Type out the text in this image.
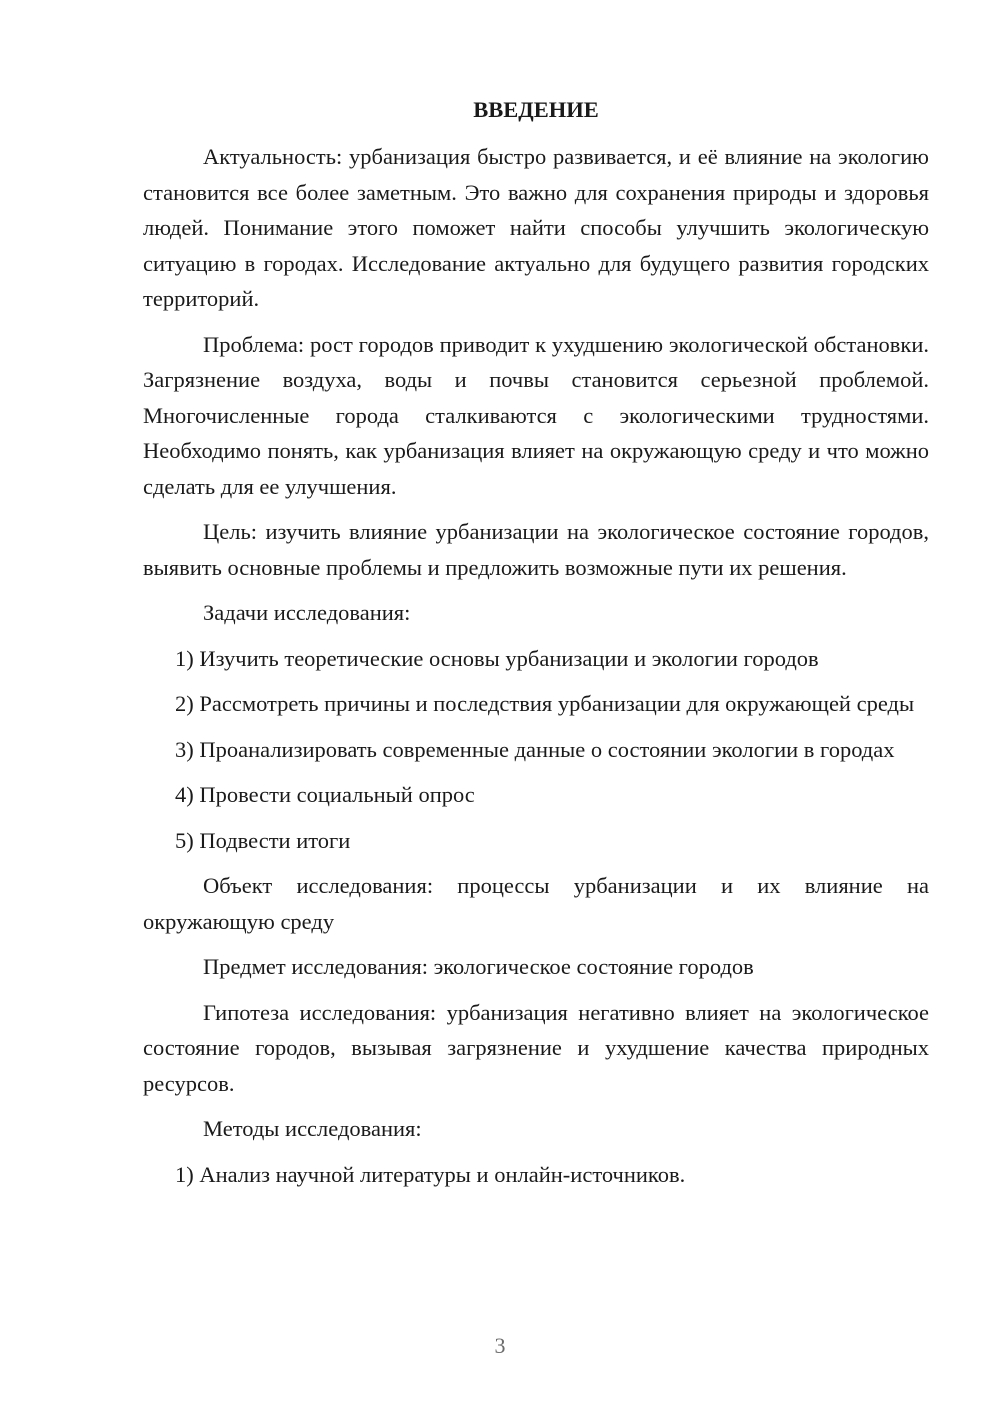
ВВЕДЕНИЕ

Актуальность: урбанизация быстро развивается, и её влияние на экологию становится все более заметным. Это важно для сохранения природы и здоровья людей. Понимание этого поможет найти способы улучшить экологическую ситуацию в городах. Исследование актуально для будущего развития городских территорий.

Проблема: рост городов приводит к ухудшению экологической обстановки. Загрязнение воздуха, воды и почвы становится серьезной проблемой. Многочисленные города сталкиваются с экологическими трудностями. Необходимо понять, как урбанизация влияет на окружающую среду и что можно сделать для ее улучшения.

Цель: изучить влияние урбанизации на экологическое состояние городов, выявить основные проблемы и предложить возможные пути их решения.

Задачи исследования:

1) Изучить теоретические основы урбанизации и экологии городов

2) Рассмотреть причины и последствия урбанизации для окружающей среды

3) Проанализировать современные данные о состоянии экологии в городах

4) Провести социальный опрос

5) Подвести итоги

Объект исследования: процессы урбанизации и их влияние на окружающую среду

Предмет исследования: экологическое состояние городов

Гипотеза исследования: урбанизация негативно влияет на экологическое состояние городов, вызывая загрязнение и ухудшение качества природных ресурсов.

Методы исследования:

1) Анализ научной литературы и онлайн-источников.

3
